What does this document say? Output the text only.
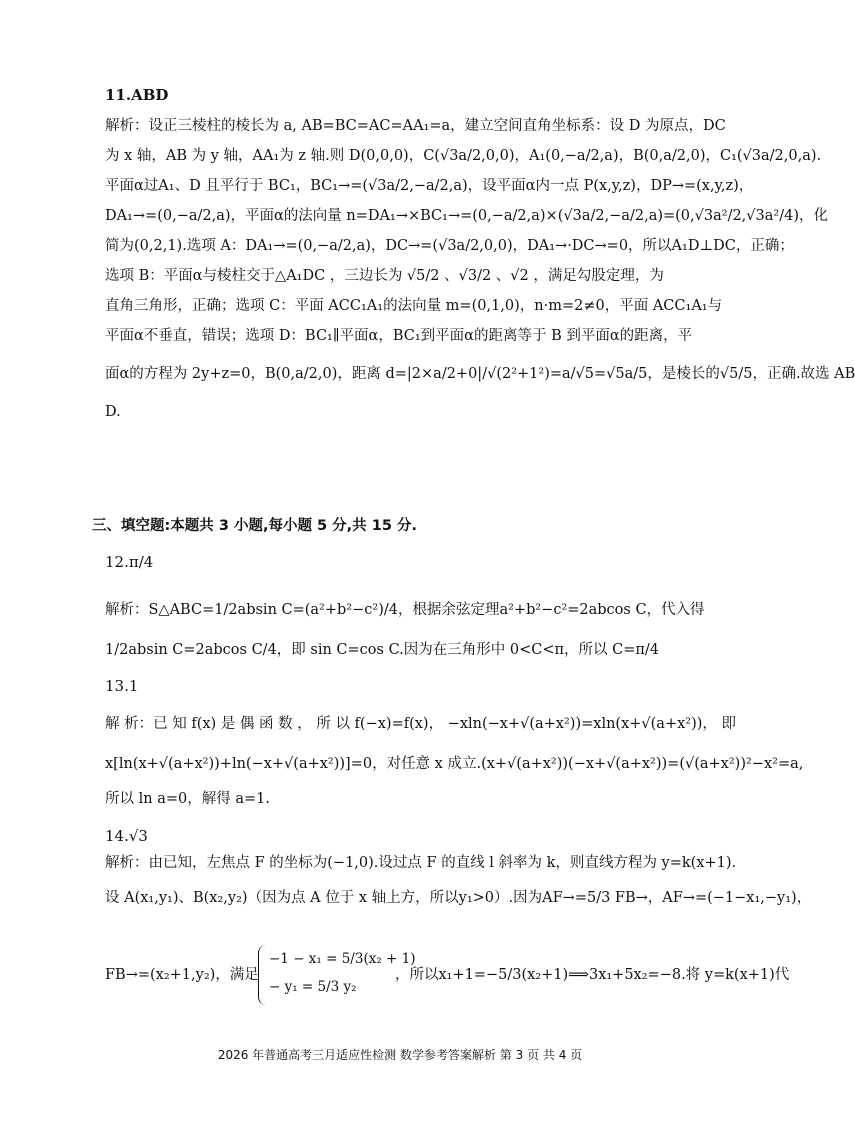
11.ABD
解析：设正三棱柱的棱长为 a, AB=BC=AC=AA₁=a，建立空间直角坐标系：设 D 为原点，DC
为 x 轴，AB 为 y 轴，AA₁为 z 轴.则 D(0,0,0)，C(√3a/2,0,0)，A₁(0,−a/2,a)，B(0,a/2,0)，C₁(√3a/2,0,a).
平面α过A₁、D 且平行于 BC₁，BC₁→=(√3a/2,−a/2,a)，设平面α内一点 P(x,y,z)，DP→=(x,y,z)，
DA₁→=(0,−a/2,a)，平面α的法向量 n=DA₁→×BC₁→=(0,−a/2,a)×(√3a/2,−a/2,a)=(0,√3a²/2,√3a²/4)，化
简为(0,2,1).选项 A：DA₁→=(0,−a/2,a)，DC→=(√3a/2,0,0)，DA₁→·DC→=0，所以A₁D⊥DC，正确；
选项 B：平面α与棱柱交于△A₁DC ，三边长为 √5/2 、√3/2 、√2 ，满足勾股定理，为
直角三角形，正确；选项 C：平面 ACC₁A₁的法向量 m=(0,1,0)，n·m=2≠0，平面 ACC₁A₁与
平面α不垂直，错误；选项 D：BC₁∥平面α，BC₁到平面α的距离等于 B 到平面α的距离，平
面α的方程为 2y+z=0，B(0,a/2,0)，距离 d=|2×a/2+0|/√(2²+1²)=a/√5=√5a/5，是棱长的√5/5，正确.故选 AB
D.
三、填空题:本题共 3 小题,每小题 5 分,共 15 分.
12.π/4
解析：S△ABC=1/2absin C=(a²+b²−c²)/4，根据余弦定理a²+b²−c²=2abcos C，代入得
1/2absin C=2abcos C/4，即 sin C=cos C.因为在三角形中 0<C<π，所以 C=π/4
13.1
解 析：已 知 f(x) 是 偶 函 数 ， 所 以 f(−x)=f(x)， −xln(−x+√(a+x²))=xln(x+√(a+x²))， 即
x[ln(x+√(a+x²))+ln(−x+√(a+x²))]=0，对任意 x 成立.(x+√(a+x²))(−x+√(a+x²))=(√(a+x²))²−x²=a,
所以 ln a=0，解得 a=1.
14.√3
解析：由已知，左焦点 F 的坐标为(−1,0).设过点 F 的直线 l 斜率为 k，则直线方程为 y=k(x+1).
设 A(x₁,y₁)、B(x₂,y₂)（因为点 A 位于 x 轴上方，所以y₁>0）.因为AF→=5/3 FB→，AF→=(−1−x₁,−y₁)，
FB→=(x₂+1,y₂)，满足
−1 − x₁ = 5/3(x₂ + 1)
− y₁ = 5/3 y₂
，所以x₁+1=−5/3(x₂+1)⟹3x₁+5x₂=−8.将 y=k(x+1)代
2026 年普通高考三月适应性检测 数学参考答案解析 第 3 页 共 4 页
